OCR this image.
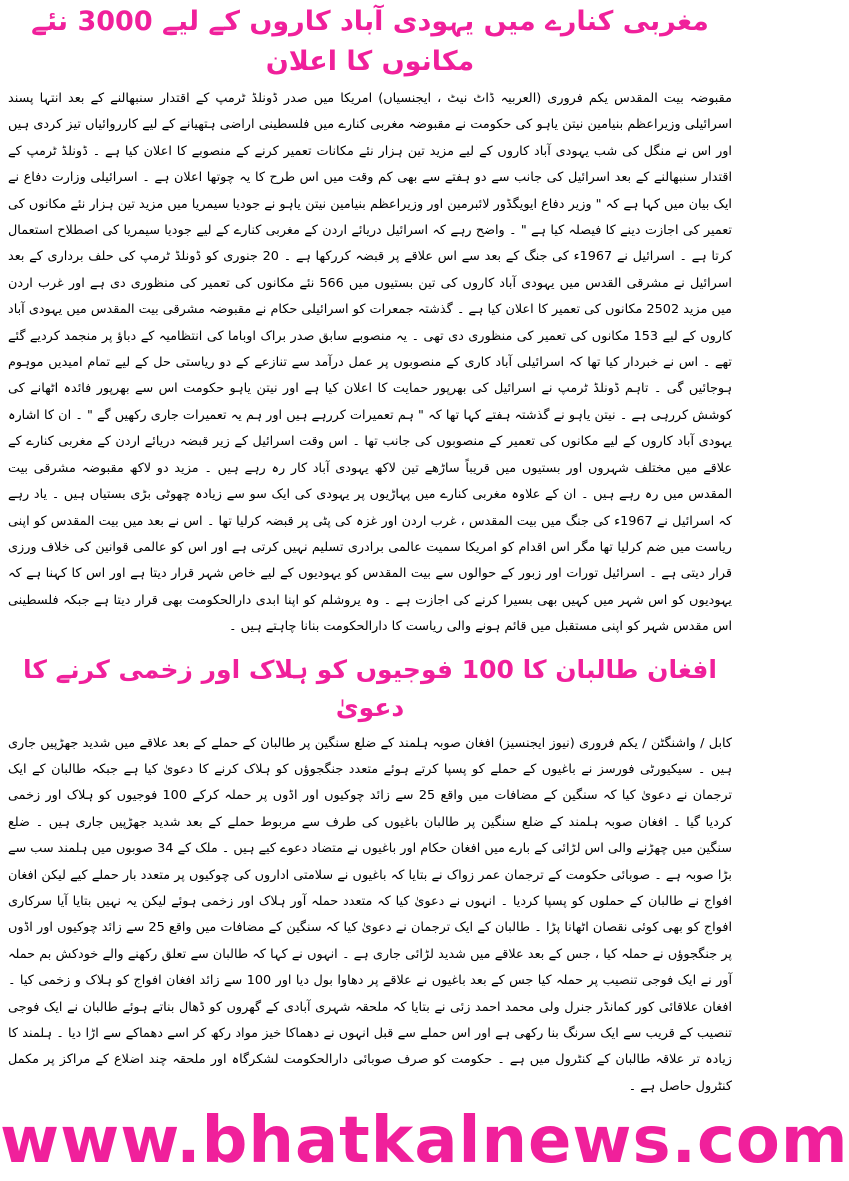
مغربی کنارے میں یہودی آباد کاروں کے لیے 3000 نئے مکانوں کا اعلان

مقبوضہ بیت المقدس یکم فروری (العربیہ ڈاٹ نیٹ ، ایجنسیاں) امریکا میں صدر ڈونلڈ ٹرمپ کے اقتدار سنبھالنے کے بعد انتہا پسند اسرائیلی وزیراعظم بنیامین نیتن یاہو کی حکومت نے مقبوضہ مغربی کنارے میں فلسطینی اراضی ہتھیانے کے لیے کارروائیاں تیز کردی ہیں اور اس نے منگل کی شب یہودی آباد کاروں کے لیے مزید تین ہزار نئے مکانات تعمیر کرنے کے منصوبے کا اعلان کیا ہے ۔ ڈونلڈ ٹرمپ کے اقتدار سنبھالنے کے بعد اسرائیل کی جانب سے دو ہفتے سے بھی کم وقت میں اس طرح کا یہ چوتھا اعلان ہے ۔ اسرائیلی وزارت دفاع نے ایک بیان میں کہا ہے کہ " وزیر دفاع ایویگڈور لائبرمین اور وزیراعظم بنیامین نیتن یاہو نے جودیا سیمریا میں مزید تین ہزار نئے مکانوں کی تعمیر کی اجازت دینے کا فیصلہ کیا ہے " ۔ واضح رہے کہ اسرائیل دریائے اردن کے مغربی کنارے کے لیے جودیا سیمریا کی اصطلاح استعمال کرتا ہے ۔ اسرائیل نے 1967ء کی جنگ کے بعد سے اس علاقے پر قبضہ کررکھا ہے ۔ 20 جنوری کو ڈونلڈ ٹرمپ کی حلف برداری کے بعد اسرائیل نے مشرقی القدس میں یہودی آباد کاروں کی تین بستیوں میں 566 نئے مکانوں کی تعمیر کی منظوری دی ہے اور غرب اردن میں مزید 2502 مکانوں کی تعمیر کا اعلان کیا ہے ۔ گذشتہ جمعرات کو اسرائیلی حکام نے مقبوضہ مشرقی بیت المقدس میں یہودی آباد کاروں کے لیے 153 مکانوں کی تعمیر کی منظوری دی تھی ۔ یہ منصوبے سابق صدر براک اوباما کی انتظامیہ کے دباؤ پر منجمد کردیے گئے تھے ۔ اس نے خبردار کیا تھا کہ اسرائیلی آباد کاری کے منصوبوں پر عمل درآمد سے تنازعے کے دو ریاستی حل کے لیے تمام امیدیں موہوم ہوجائیں گی ۔ تاہم ڈونلڈ ٹرمپ نے اسرائیل کی بھرپور حمایت کا اعلان کیا ہے اور نیتن یاہو حکومت اس سے بھرپور فائدہ اٹھانے کی کوشش کررہی ہے ۔ نیتن یاہو نے گذشتہ ہفتے کہا تھا کہ " ہم تعمیرات کررہے ہیں اور ہم یہ تعمیرات جاری رکھیں گے " ۔ ان کا اشارہ یہودی آباد کاروں کے لیے مکانوں کی تعمیر کے منصوبوں کی جانب تھا ۔ اس وقت اسرائیل کے زیر قبضہ دریائے اردن کے مغربی کنارے کے علاقے میں مختلف شہروں اور بستیوں میں قریباً ساڑھے تین لاکھ یہودی آباد کار رہ رہے ہیں ۔ مزید دو لاکھ مقبوضہ مشرقی بیت المقدس میں رہ رہے ہیں ۔ ان کے علاوہ مغربی کنارے میں پہاڑیوں پر یہودی کی ایک سو سے زیادہ چھوٹی بڑی بستیاں ہیں ۔ یاد رہے کہ اسرائیل نے 1967ء کی جنگ میں بیت المقدس ، غرب اردن اور غزہ کی پٹی پر قبضہ کرلیا تھا ۔ اس نے بعد میں بیت المقدس کو اپنی ریاست میں ضم کرلیا تھا مگر اس اقدام کو امریکا سمیت عالمی برادری تسلیم نہیں کرتی ہے اور اس کو عالمی قوانین کی خلاف ورزی قرار دیتی ہے ۔ اسرائیل تورات اور زبور کے حوالوں سے بیت المقدس کو یہودیوں کے لیے خاص شہر قرار دیتا ہے اور اس کا کہنا ہے کہ یہودیوں کو اس شہر میں کہیں بھی بسیرا کرنے کی اجازت ہے ۔ وہ یروشلم کو اپنا ابدی دارالحکومت بھی قرار دیتا ہے جبکہ فلسطینی اس مقدس شہر کو اپنی مستقبل میں قائم ہونے والی ریاست کا دارالحکومت بنانا چاہتے ہیں ۔

افغان طالبان کا 100 فوجیوں کو ہلاک اور زخمی کرنے کا دعویٰ

کابل / واشنگٹن / یکم فروری (نیوز ایجنسیز) افغان صوبہ ہلمند کے ضلع سنگین پر طالبان کے حملے کے بعد علاقے میں شدید جھڑپیں جاری ہیں ۔ سیکیورٹی فورسز نے باغیوں کے حملے کو پسپا کرتے ہوئے متعدد جنگجوؤں کو ہلاک کرنے کا دعویٰ کیا ہے جبکہ طالبان کے ایک ترجمان نے دعویٰ کیا کہ سنگین کے مضافات میں واقع 25 سے زائد چوکیوں اور اڈوں پر حملہ کرکے 100 فوجیوں کو ہلاک اور زخمی کردیا گیا ۔ افغان صوبہ ہلمند کے ضلع سنگین پر طالبان باغیوں کی طرف سے مربوط حملے کے بعد شدید جھڑپیں جاری ہیں ۔ ضلع سنگین میں چھڑنے والی اس لڑائی کے بارے میں افغان حکام اور باغیوں نے متضاد دعوے کیے ہیں ۔ ملک کے 34 صوبوں میں ہلمند سب سے بڑا صوبہ ہے ۔ صوبائی حکومت کے ترجمان عمر زواک نے بتایا کہ باغیوں نے سلامتی اداروں کی چوکیوں پر متعدد بار حملے کیے لیکن افغان افواج نے طالبان کے حملوں کو پسپا کردیا ۔ انہوں نے دعویٰ کیا کہ متعدد حملہ آور ہلاک اور زخمی ہوئے لیکن یہ نہیں بتایا آیا سرکاری افواج کو بھی کوئی نقصان اٹھانا پڑا ۔ طالبان کے ایک ترجمان نے دعویٰ کیا کہ سنگین کے مضافات میں واقع 25 سے زائد چوکیوں اور اڈوں پر جنگجوؤں نے حملہ کیا ، جس کے بعد علاقے میں شدید لڑائی جاری ہے ۔ انہوں نے کہا کہ طالبان سے تعلق رکھنے والے خودکش بم حملہ آور نے ایک فوجی تنصیب پر حملہ کیا جس کے بعد باغیوں نے علاقے پر دھاوا بول دیا اور 100 سے زائد افغان افواج کو ہلاک و زخمی کیا ۔ افغان علاقائی کور کمانڈر جنرل ولی محمد احمد زئی نے بتایا کہ ملحقہ شہری آبادی کے گھروں کو ڈھال بناتے ہوئے طالبان نے ایک فوجی تنصیب کے قریب سے ایک سرنگ بنا رکھی ہے اور اس حملے سے قبل انہوں نے دھماکا خیز مواد رکھ کر اسے دھماکے سے اڑا دیا ۔ ہلمند کا زیادہ تر علاقہ طالبان کے کنٹرول میں ہے ۔ حکومت کو صرف صوبائی دارالحکومت لشکرگاہ اور ملحقہ چند اضلاع کے مراکز پر مکمل کنٹرول حاصل ہے ۔

www.bhatkalnews.com
